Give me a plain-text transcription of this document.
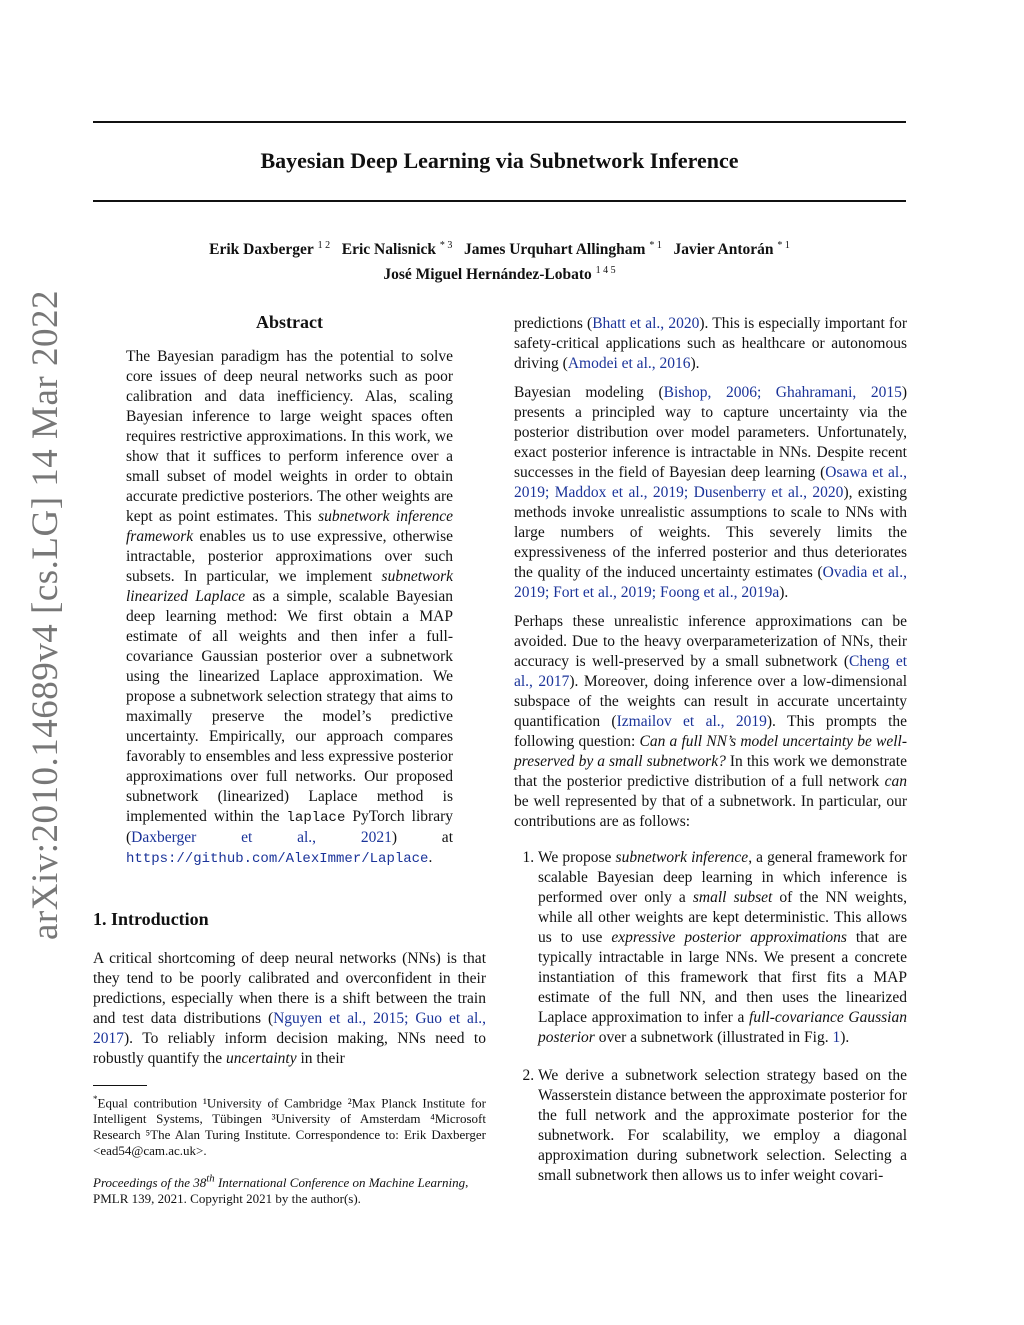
arXiv:2010.14689v4 [cs.LG] 14 Mar 2022
Bayesian Deep Learning via Subnetwork Inference
Erik Daxberger $^{1 2}$ Eric Nalisnick $^{* 3}$ James Urquhart Allingham $^{* 1}$ Javier Antorán $^{* 1}$
José Miguel Hernández-Lobato $^{1 4 5}$
Abstract
The Bayesian paradigm has the potential to solve core issues of deep neural networks such as poor calibration and data inefficiency. Alas, scaling Bayesian inference to large weight spaces often requires restrictive approximations. In this work, we show that it suffices to perform inference over a small subset of model weights in order to obtain accurate predictive posteriors. The other weights are kept as point estimates. This subnetwork inference framework enables us to use expressive, otherwise intractable, posterior approximations over such subsets. In particular, we implement subnetwork linearized Laplace as a simple, scalable Bayesian deep learning method: We first obtain a MAP estimate of all weights and then infer a full-covariance Gaussian posterior over a subnetwork using the linearized Laplace approximation. We propose a subnetwork selection strategy that aims to maximally preserve the model’s predictive uncertainty. Empirically, our approach compares favorably to ensembles and less expressive posterior approximations over full networks. Our proposed subnetwork (linearized) Laplace method is implemented within the laplace PyTorch library (Daxberger et al., 2021) at https://github.com/AlexImmer/Laplace.
1. Introduction

A critical shortcoming of deep neural networks (NNs) is that they tend to be poorly calibrated and overconfident in their predictions, especially when there is a shift between the train and test data distributions (Nguyen et al., 2015; Guo et al., 2017). To reliably inform decision making, NNs need to robustly quantify the uncertainty in their

*Equal contribution ¹University of Cambridge ²Max Planck Institute for Intelligent Systems, Tübingen ³University of Amsterdam ⁴Microsoft Research ⁵The Alan Turing Institute. Correspondence to: Erik Daxberger <ead54@cam.ac.uk>.
Proceedings of the 38th International Conference on Machine Learning, PMLR 139, 2021. Copyright 2021 by the author(s).

predictions (Bhatt et al., 2020). This is especially important for safety-critical applications such as healthcare or autonomous driving (Amodei et al., 2016).

Bayesian modeling (Bishop, 2006; Ghahramani, 2015) presents a principled way to capture uncertainty via the posterior distribution over model parameters. Unfortunately, exact posterior inference is intractable in NNs. Despite recent successes in the field of Bayesian deep learning (Osawa et al., 2019; Maddox et al., 2019; Dusenberry et al., 2020), existing methods invoke unrealistic assumptions to scale to NNs with large numbers of weights. This severely limits the expressiveness of the inferred posterior and thus deteriorates the quality of the induced uncertainty estimates (Ovadia et al., 2019; Fort et al., 2019; Foong et al., 2019a).

Perhaps these unrealistic inference approximations can be avoided. Due to the heavy overparameterization of NNs, their accuracy is well-preserved by a small subnetwork (Cheng et al., 2017). Moreover, doing inference over a low-dimensional subspace of the weights can result in accurate uncertainty quantification (Izmailov et al., 2019). This prompts the following question: Can a full NN’s model uncertainty be well-preserved by a small subnetwork? In this work we demonstrate that the posterior predictive distribution of a full network can be well represented by that of a subnetwork. In particular, our contributions are as follows:

1. We propose subnetwork inference, a general framework for scalable Bayesian deep learning in which inference is performed over only a small subset of the NN weights, while all other weights are kept deterministic. This allows us to use expressive posterior approximations that are typically intractable in large NNs. We present a concrete instantiation of this framework that first fits a MAP estimate of the full NN, and then uses the linearized Laplace approximation to infer a full-covariance Gaussian posterior over a subnetwork (illustrated in Fig. 1).
2. We derive a subnetwork selection strategy based on the Wasserstein distance between the approximate posterior for the full network and the approximate posterior for the subnetwork. For scalability, we employ a diagonal approximation during subnetwork selection. Selecting a small subnetwork then allows us to infer weight covari-
